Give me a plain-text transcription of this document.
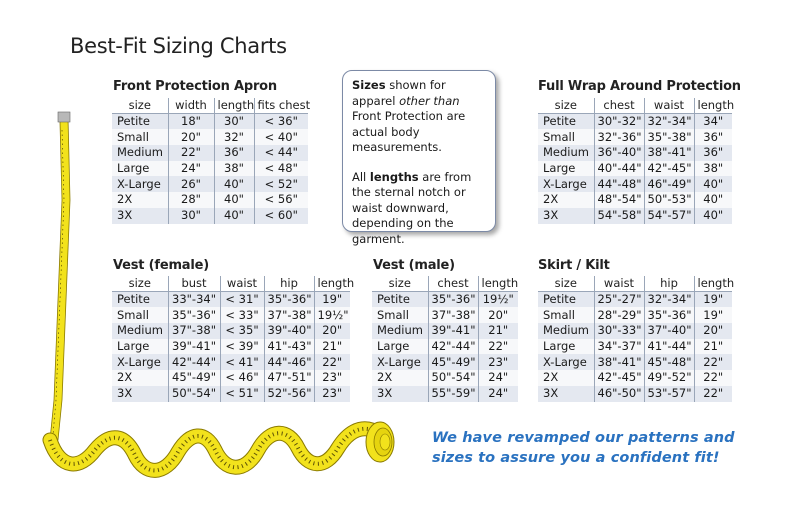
Best-Fit Sizing Charts
Front Protection Apron
size	width	length	fits chest
Petite	18"	30"	< 36"
Small	20"	32"	< 40"
Medium	22"	36"	< 44"
Large	24"	38"	< 48"
X-Large	26"	40"	< 52"
2X	28"	40"	< 56"
3X	30"	40"	< 60"

Sizes shown for apparel other than Front Protection are actual body measurements.

All lengths are from the sternal notch or waist downward, depending on the garment.

Full Wrap Around Protection
size	chest	waist	length
Petite	30"-32"	32"-34"	34"
Small	32"-36"	35"-38"	36"
Medium	36"-40"	38"-41"	36"
Large	40"-44"	42"-45"	38"
X-Large	44"-48"	46"-49"	40"
2X	48"-54"	50"-53"	40"
3X	54"-58"	54"-57"	40"
Vest (female)
size	bust	waist	hip	length
Petite	33"-34"	< 31"	35"-36"	19"
Small	35"-36"	< 33"	37"-38"	19½"
Medium	37"-38"	< 35"	39"-40"	20"
Large	39"-41"	< 39"	41"-43"	21"
X-Large	42"-44"	< 41"	44"-46"	22"
2X	45"-49"	< 46"	47"-51"	23"
3X	50"-54"	< 51"	52"-56"	23"
Vest (male)
size	chest	length
Petite	35"-36"	19½"
Small	37"-38"	20"
Medium	39"-41"	21"
Large	42"-44"	22"
X-Large	45"-49"	23"
2X	50"-54"	24"
3X	55"-59"	24"
Skirt / Kilt
size	waist	hip	length
Petite	25"-27"	32"-34"	19"
Small	28"-29"	35"-36"	19"
Medium	30"-33"	37"-40"	20"
Large	34"-37"	41"-44"	21"
X-Large	38"-41"	45"-48"	22"
2X	42"-45"	49"-52"	22"
3X	46"-50"	53"-57"	22"
We have revamped our patterns and
sizes to assure you a confident fit!
